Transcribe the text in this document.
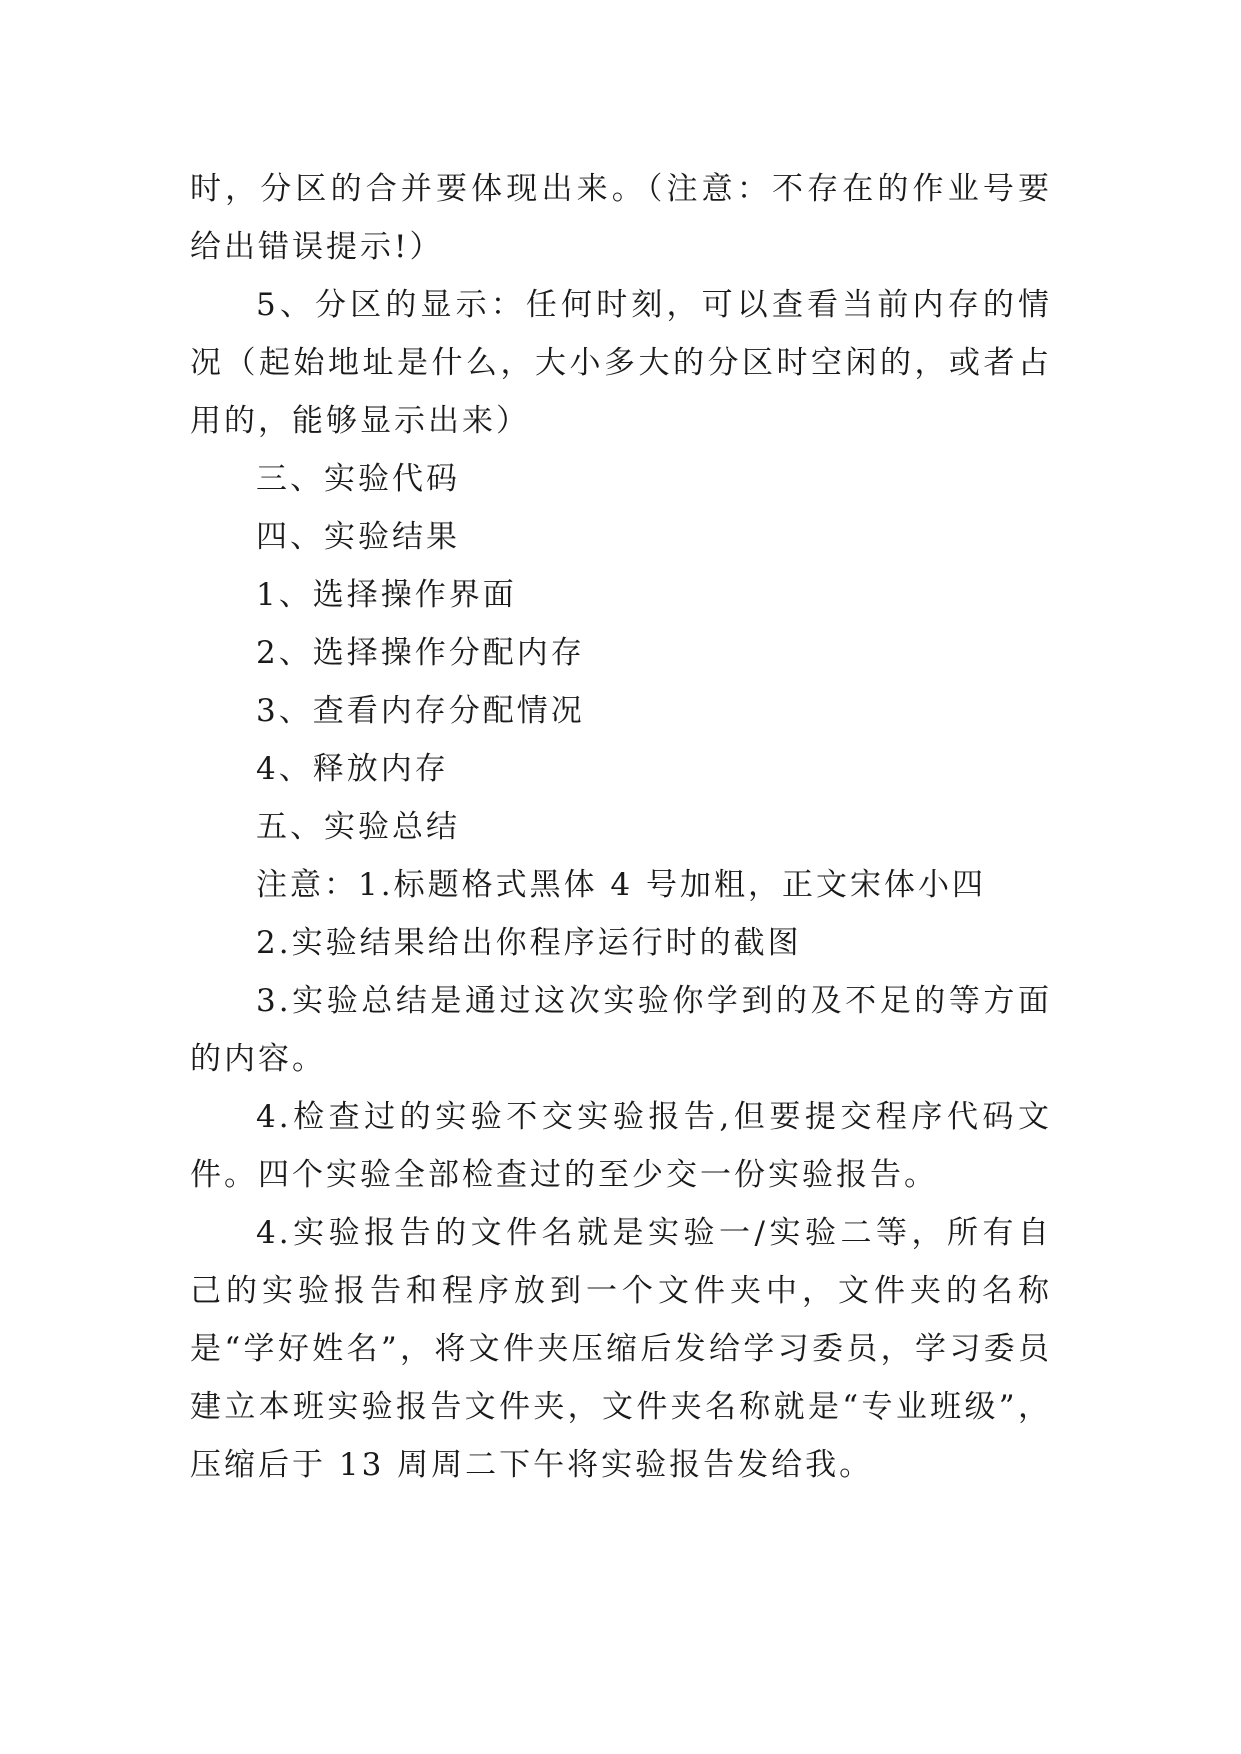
时，分区的合并要体现出来。（注意：不存在的作业号要给出错误提示!）

5、分区的显示：任何时刻，可以查看当前内存的情况（起始地址是什么，大小多大的分区时空闲的，或者占用的，能够显示出来）

三、实验代码

四、实验结果

1、选择操作界面

2、选择操作分配内存

3、查看内存分配情况

4、释放内存

五、实验总结

注意：1.标题格式黑体 4 号加粗，正文宋体小四

2.实验结果给出你程序运行时的截图

3.实验总结是通过这次实验你学到的及不足的等方面的内容。

4.检查过的实验不交实验报告,但要提交程序代码文件。四个实验全部检查过的至少交一份实验报告。

4.实验报告的文件名就是实验一/实验二等，所有自己的实验报告和程序放到一个文件夹中，文件夹的名称是“学好姓名”，将文件夹压缩后发给学习委员，学习委员建立本班实验报告文件夹，文件夹名称就是“专业班级”，压缩后于 13 周周二下午将实验报告发给我。
